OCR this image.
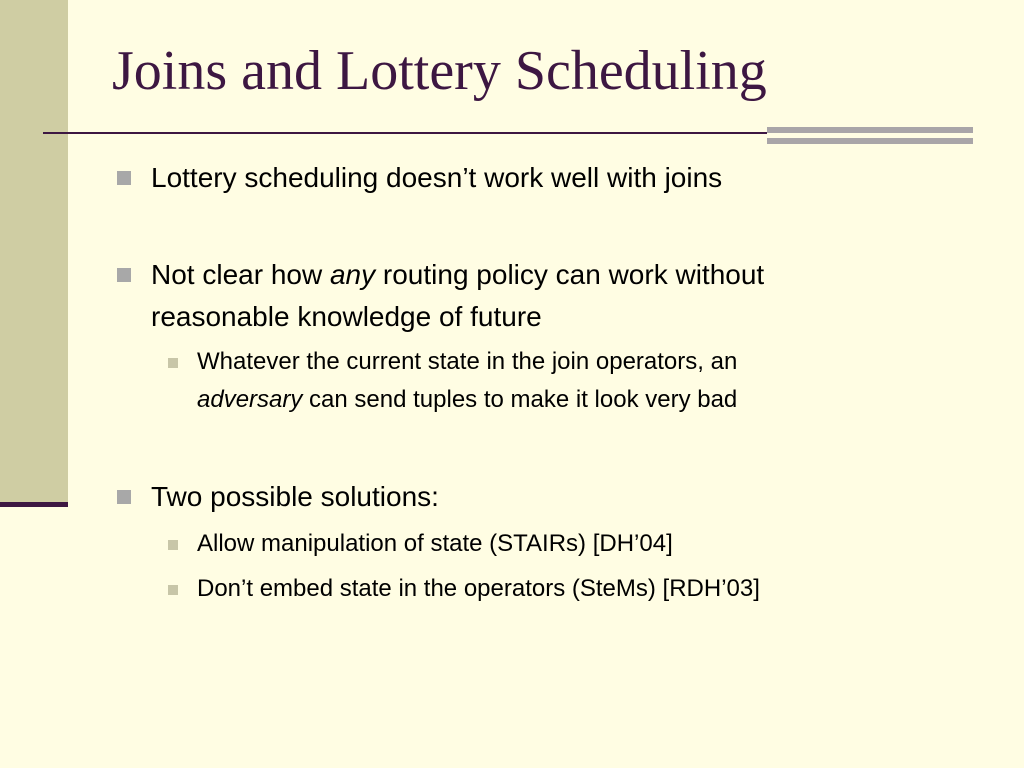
Joins and Lottery Scheduling
Lottery scheduling doesn’t work well with joins
Not clear how any routing policy can work without
reasonable knowledge of future
Whatever the current state in the join operators, an
adversary can send tuples to make it look very bad
Two possible solutions:
Allow manipulation of state (STAIRs) [DH’04]
Don’t embed state in the operators (SteMs) [RDH’03]
